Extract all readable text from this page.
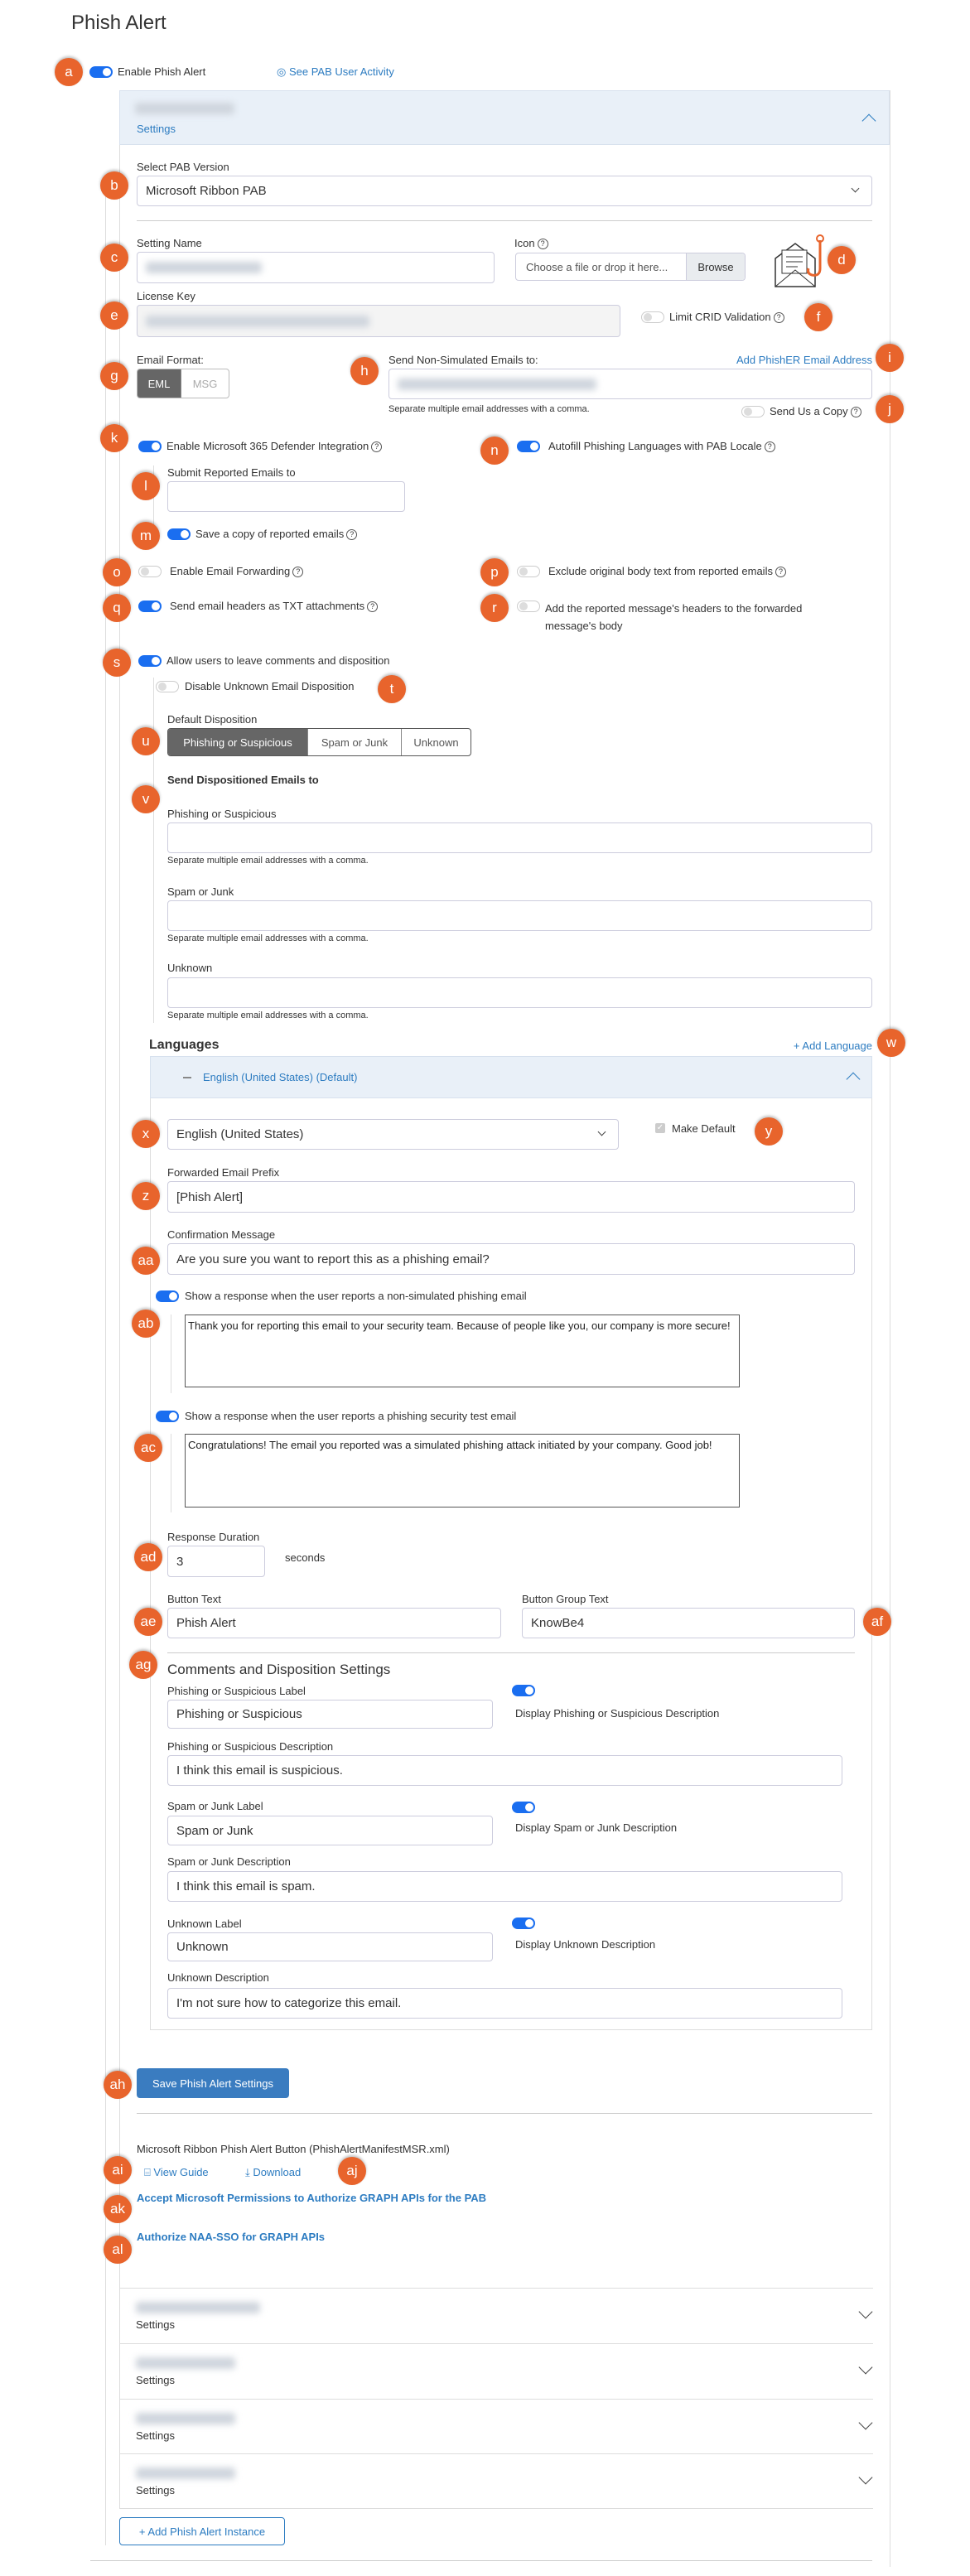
Phish Alert
Enable Phish Alert	◎ See PAB User Activity
Settings
Select PAB Version
Microsoft Ribbon PAB
Setting Name	Icon ?
Choose a file or drop it here...	Browse
License Key
Limit CRID Validation ?
Email Format:
EML	MSG
Send Non-Simulated Emails to:	Add PhishER Email Address
Separate multiple email addresses with a comma.	Send Us a Copy ?
Enable Microsoft 365 Defender Integration ?	Autofill Phishing Languages with PAB Locale ?
Submit Reported Emails to
Save a copy of reported emails ?
Enable Email Forwarding ?	Exclude original body text from reported emails ?
Send email headers as TXT attachments ?	Add the reported message's headers to the forwarded message's body
Allow users to leave comments and disposition
Disable Unknown Email Disposition
Default Disposition
Phishing or Suspicious	Spam or Junk	Unknown
Send Dispositioned Emails to
Phishing or Suspicious
Separate multiple email addresses with a comma.
Spam or Junk
Separate multiple email addresses with a comma.
Unknown
Separate multiple email addresses with a comma.
Languages	+ Add Language
English (United States) (Default)
English (United States)	✓ Make Default
Forwarded Email Prefix
[Phish Alert]
Confirmation Message
Are you sure you want to report this as a phishing email?
Show a response when the user reports a non-simulated phishing email
Thank you for reporting this email to your security team. Because of people like you, our company is more secure!
Show a response when the user reports a phishing security test email
Congratulations! The email you reported was a simulated phishing attack initiated by your company. Good job!
Response Duration
3	seconds
Button Text
Phish Alert
Button Group Text
KnowBe4
Comments and Disposition Settings
Phishing or Suspicious Label
Phishing or Suspicious	Display Phishing or Suspicious Description
Phishing or Suspicious Description
I think this email is suspicious.
Spam or Junk Label
Spam or Junk	Display Spam or Junk Description
Spam or Junk Description
I think this email is spam.
Unknown Label
Unknown	Display Unknown Description
Unknown Description
I'm not sure how to categorize this email.
Save Phish Alert Settings
Microsoft Ribbon Phish Alert Button (PhishAlertManifestMSR.xml)
⌸ View Guide	⤓ Download
Accept Microsoft Permissions to Authorize GRAPH APIs for the PAB
Authorize NAA-SSO for GRAPH APIs
Settings
Settings
Settings
Settings
+ Add Phish Alert Instance
a
b
c	d
e	f
g	h
i
j
k
l
m
n
o	p
q	r
s
t
u
v
w
x	y
z
aa
ab
ac
ad
ae	af
ag
ah
ai	aj
ak
al
